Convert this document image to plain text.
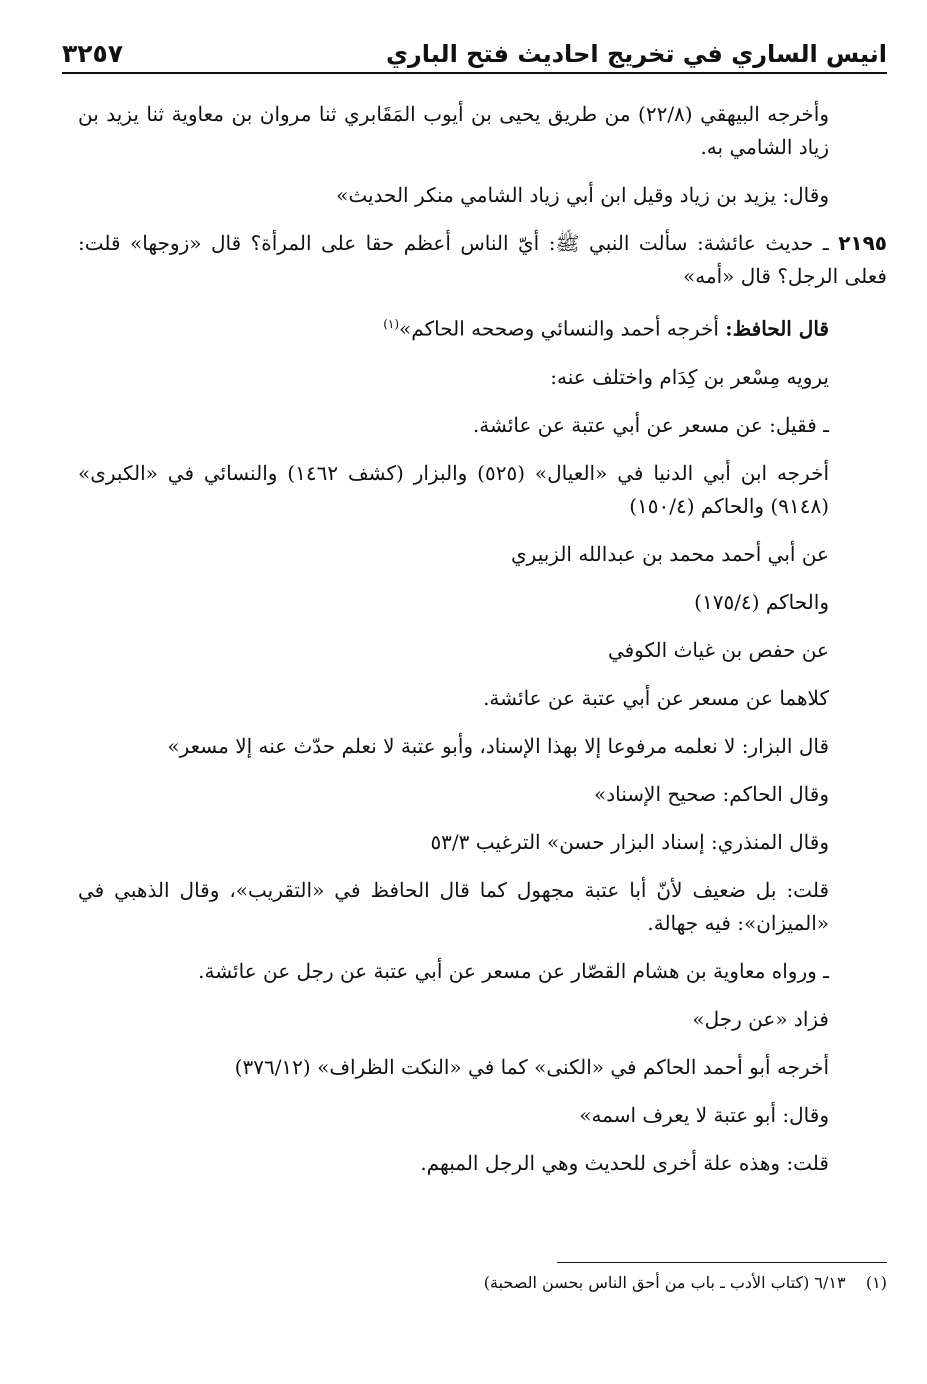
انيس الساري في تخريج احاديث فتح الباري
٣٢٥٧

وأخرجه البيهقي (٢٢/٨) من طريق يحيى بن أيوب المَقَابري ثنا مروان بن معاوية ثنا يزيد بن زياد الشامي به.

وقال: يزيد بن زياد وقيل ابن أبي زياد الشامي منكر الحديث»

٢١٩٥ ـ حديث عائشة: سألت النبي ﷺ: أيّ الناس أعظم حقا على المرأة؟ قال «زوجها» قلت: فعلى الرجل؟ قال «أمه»

قال الحافظ: أخرجه أحمد والنسائي وصححه الحاكم»$^{(١)}$

يرويه مِسْعر بن كِدَام واختلف عنه:

ـ فقيل: عن مسعر عن أبي عتبة عن عائشة.

أخرجه ابن أبي الدنيا في «العيال» (٥٢٥) والبزار (كشف ١٤٦٢) والنسائي في «الكبرى» (٩١٤٨) والحاكم (١٥٠/٤)

عن أبي أحمد محمد بن عبدالله الزبيري

والحاكم (١٧٥/٤)

عن حفص بن غياث الكوفي

كلاهما عن مسعر عن أبي عتبة عن عائشة.

قال البزار: لا نعلمه مرفوعا إلا بهذا الإسناد، وأبو عتبة لا نعلم حدّث عنه إلا مسعر»

وقال الحاكم: صحيح الإسناد»

وقال المنذري: إسناد البزار حسن» الترغيب ٥٣/٣

قلت: بل ضعيف لأنّ أبا عتبة مجهول كما قال الحافظ في «التقريب»، وقال الذهبي في «الميزان»: فيه جهالة.

ـ ورواه معاوية بن هشام القصّار عن مسعر عن أبي عتبة عن رجل عن عائشة.

فزاد «عن رجل»

أخرجه أبو أحمد الحاكم في «الكنى» كما في «النكت الظراف» (٣٧٦/١٢)

وقال: أبو عتبة لا يعرف اسمه»

قلت: وهذه علة أخرى للحديث وهي الرجل المبهم.

(١)    ٦/١٣ (كتاب الأدب ـ باب من أحق الناس بحسن الصحبة)
